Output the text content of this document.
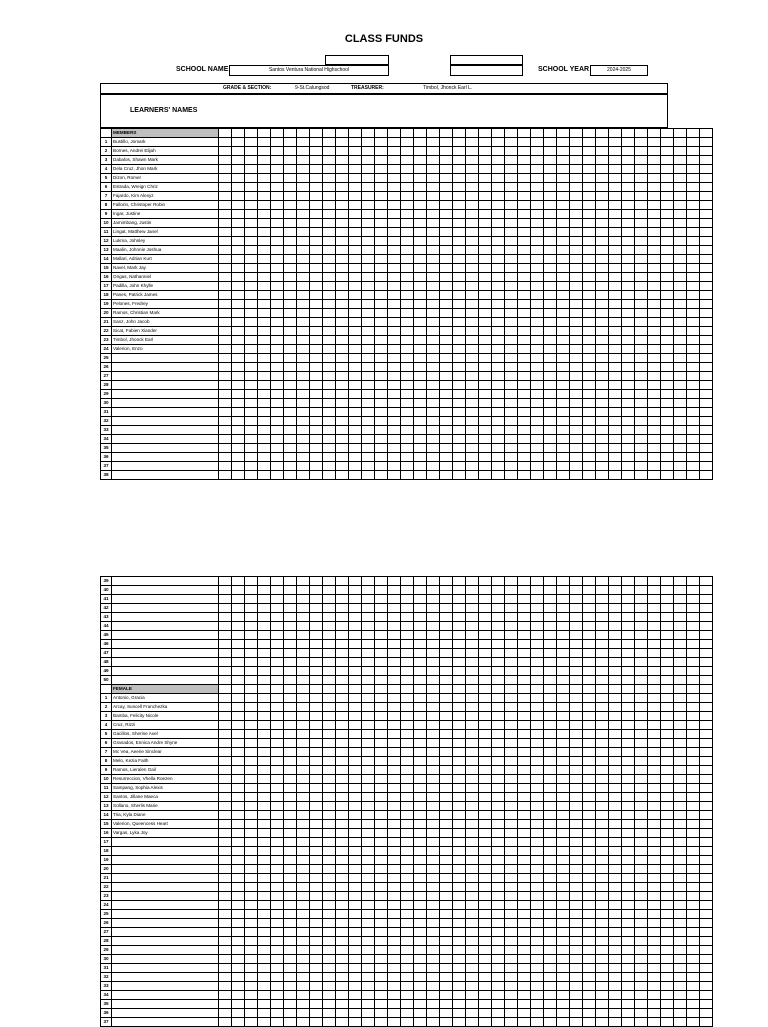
CLASS FUNDS
SCHOOL NAME	Santos Ventura National Highschool	SCHOOL YEAR	2024-2025
GRADE & SECTION:	9-St.Calungsod	TREASURER:	Timbol, Jhonck Earl L.
LEARNERS' NAMES
	MEMBERS																																						
1	Bustillo, Jomark																																						
2	Bornes, Andrei Elijah																																						
3	Dabalos, Shawn Mark																																						
4	Dela Cruz, Jhon Mark																																						
5	Dizon, Romer																																						
6	Estrada, Wreign Chriz																																						
7	Fajardo, Kim Alexyz																																						
8	Fallorin, Christoper Robin																																						
9	Ingar, Justine																																						
10	Jamimbang, Justin																																						
11	Lingat, Matthew Janel																																						
12	Lukma, Johnley																																						
13	Maalin, Johnnie Joshua																																						
14	Mallari, Adrian Kurt																																						
15	Navel, Mark Jay																																						
16	Ongas, Nathanniel																																						
17	Padilla, John Khylle																																						
18	Panes, Patrick James																																						
19	Pelones, Fredrey																																						
20	Ramos, Christian Mark																																						
21	Sanz, John Jacob																																						
22	Sicat, Fabien Xiander																																						
23	Timbol, Jhonck Earl																																						
24	Valerion, Enzo																																						
25																																							
26																																							
27																																							
28																																							
29																																							
30																																							
31																																							
32																																							
33																																							
34																																							
35																																							
36																																							
37																																							
38																																							
39																																							
40																																							
41																																							
42																																							
43																																							
44																																							
45																																							
46																																							
47																																							
48																																							
49																																							
50																																							
	FEMALE																																						
1	Antonio, Gracia																																						
2	Arcay, Suncell Franchezka																																						
3	Bamba, Felicity Nicole																																						
4	Cruz, Rizzi																																						
5	Gacillos, Sherine Axel																																						
6	Granados, Ennica Andre Shyne																																						
7	Mc Vea, Aeerie Sinclear																																						
8	Melo, Keziа Faith																																						
9	Ramos, Lieralen Gail																																						
10	Resurreccion, Vhella Roezen																																						
11	Sampang, Sophia Alexis																																						
12	Santos, Jillane Maeca																																						
13	Sollano, Sherlis Marie																																						
14	Tria, Kyla Diane																																						
15	Valerion, Queencess Heart																																						
16	Vargas, Lyka Joy																																						
17																																							
18																																							
19																																							
20																																							
21																																							
22																																							
23																																							
24																																							
25																																							
26																																							
27																																							
28																																							
29																																							
30																																							
31																																							
32																																							
33																																							
34																																							
35																																							
36																																							
37																																							
